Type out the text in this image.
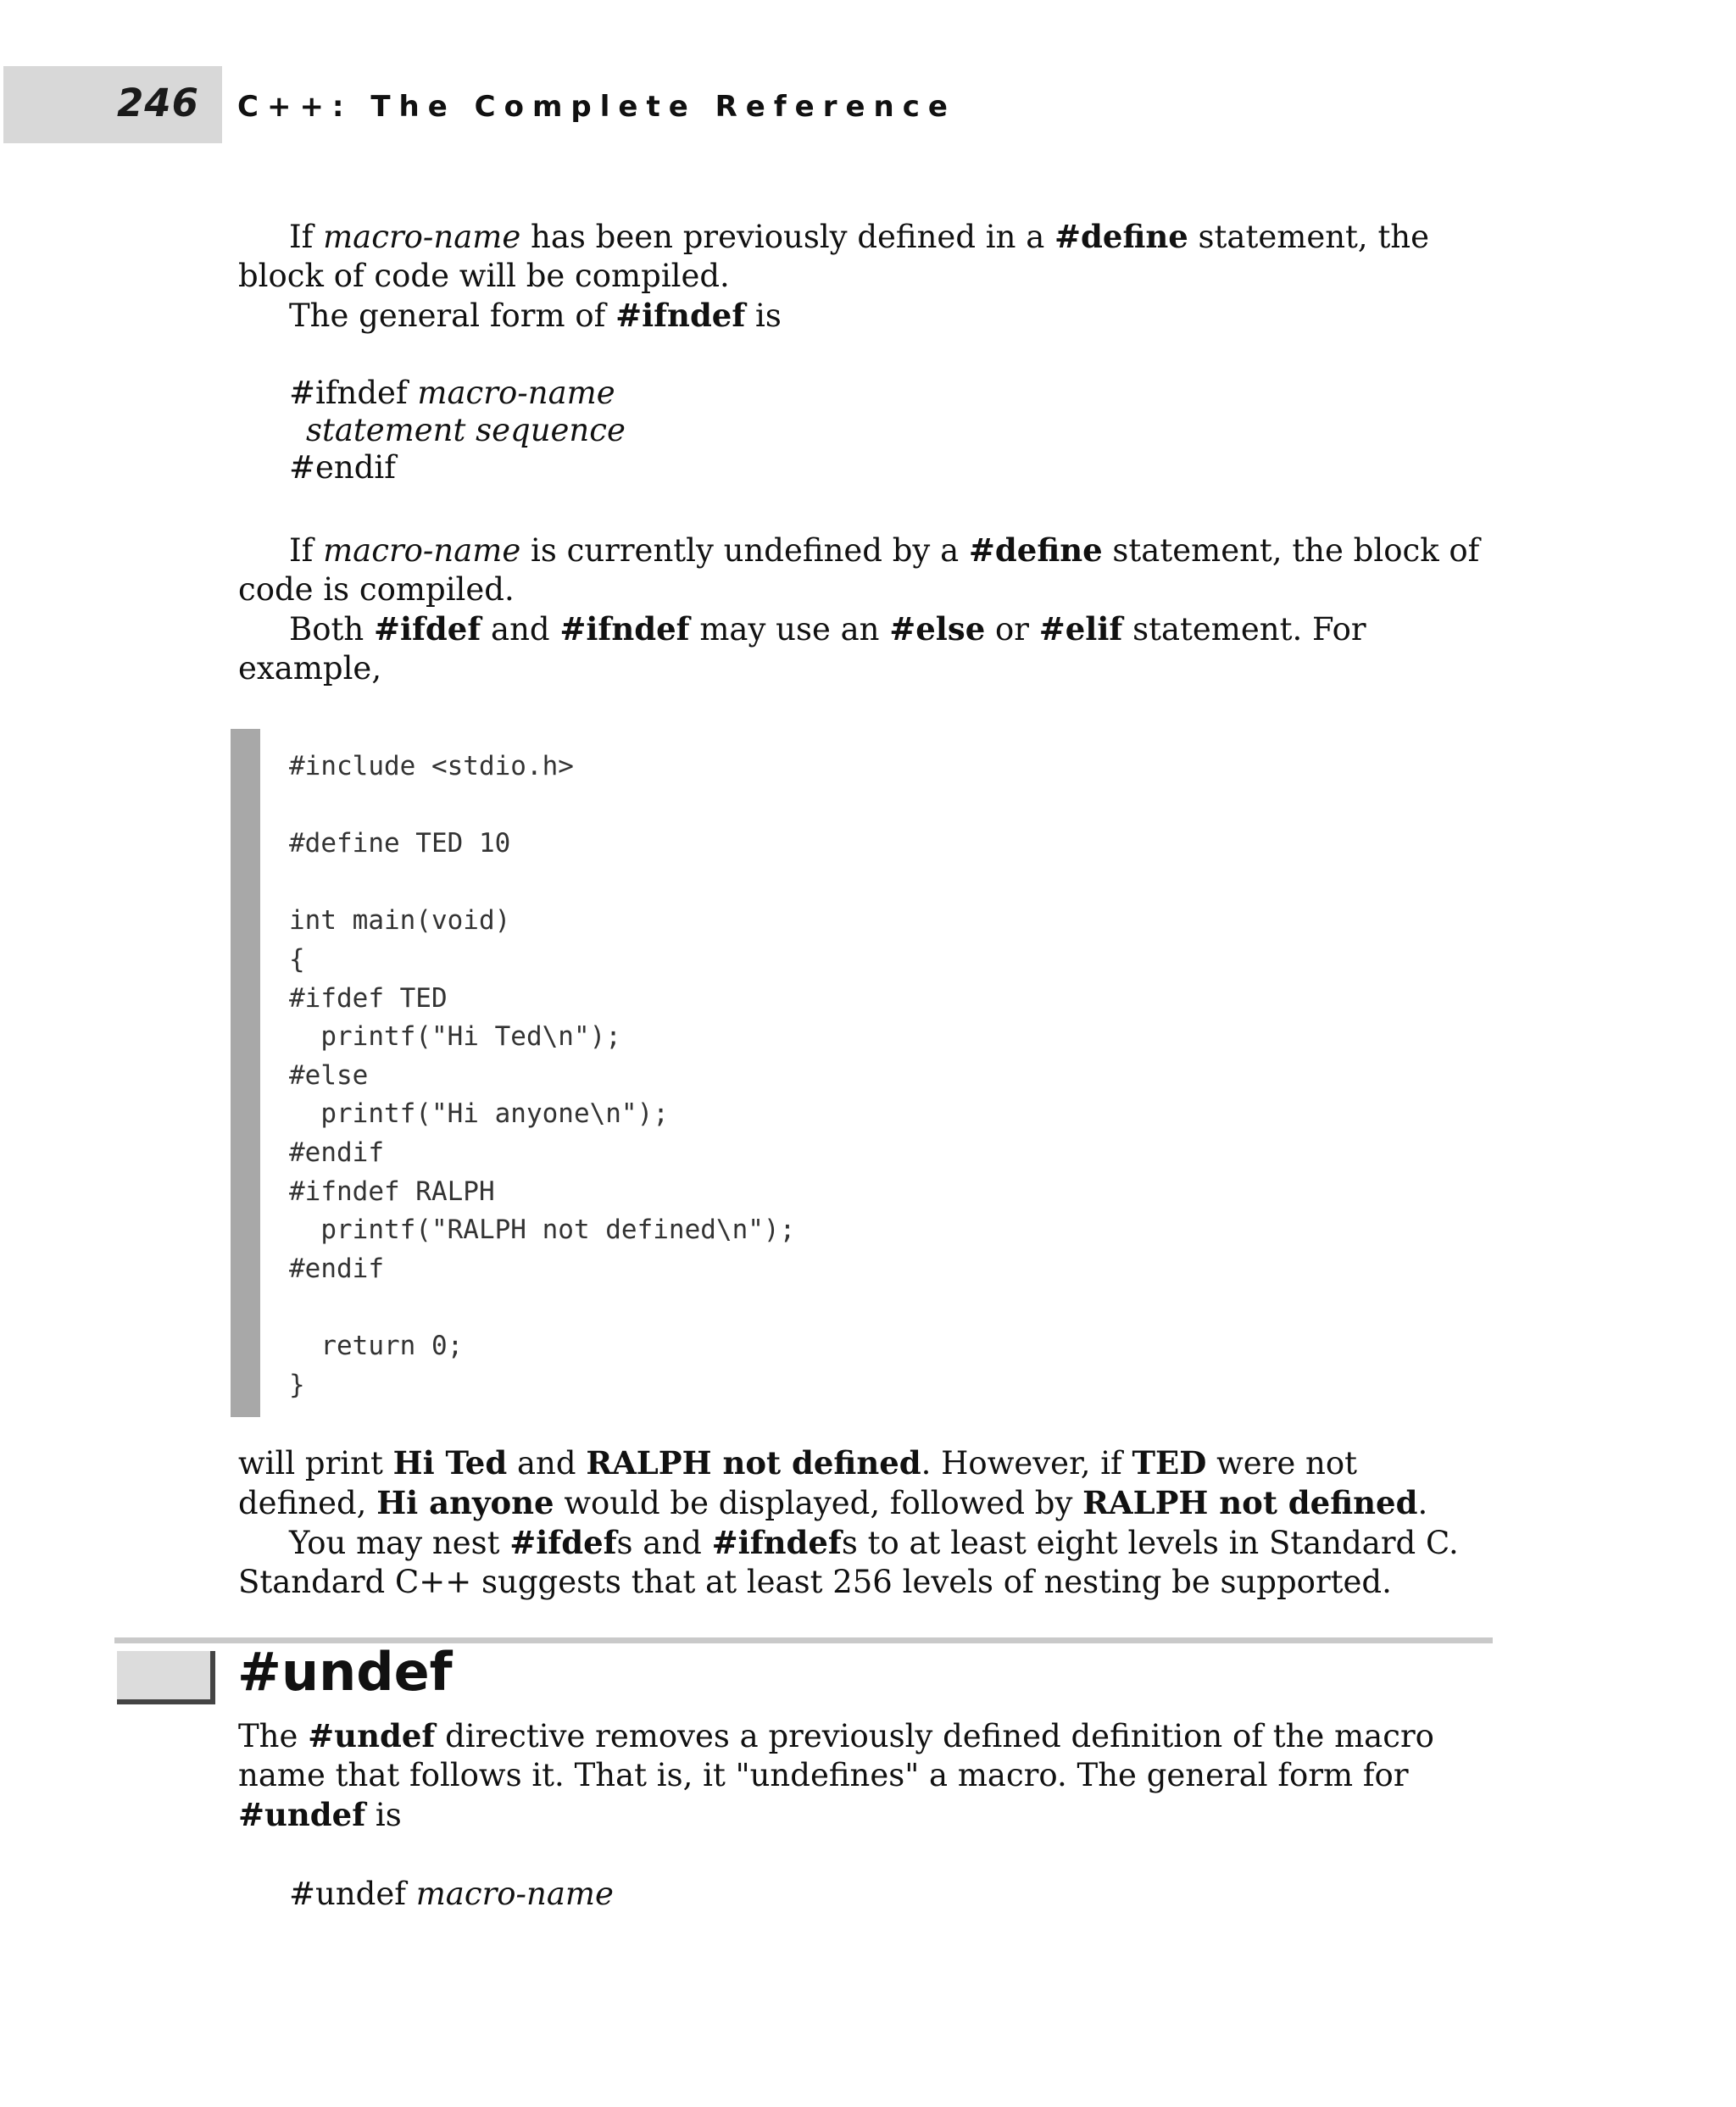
246 C++: The Complete Reference

If macro-name has been previously defined in a #define statement, the block of code will be compiled.

The general form of #ifndef is

#ifndef macro-name
statement sequence
#endif

If macro-name is currently undefined by a #define statement, the block of code is compiled.

Both #ifdef and #ifndef may use an #else or #elif statement. For example,

#include <stdio.h>

#define TED 10

int main(void)
{
#ifdef TED
printf("Hi Ted\n");
#else
printf("Hi anyone\n");
#endif
#ifndef RALPH
printf("RALPH not defined\n");
#endif

return 0;
}

will print Hi Ted and RALPH not defined. However, if TED were not defined, Hi anyone would be displayed, followed by RALPH not defined.

You may nest #ifdefs and #ifndefs to at least eight levels in Standard C. Standard C++ suggests that at least 256 levels of nesting be supported.

#undef

The #undef directive removes a previously defined definition of the macro name that follows it. That is, it "undefines" a macro. The general form for #undef is

#undef macro-name
